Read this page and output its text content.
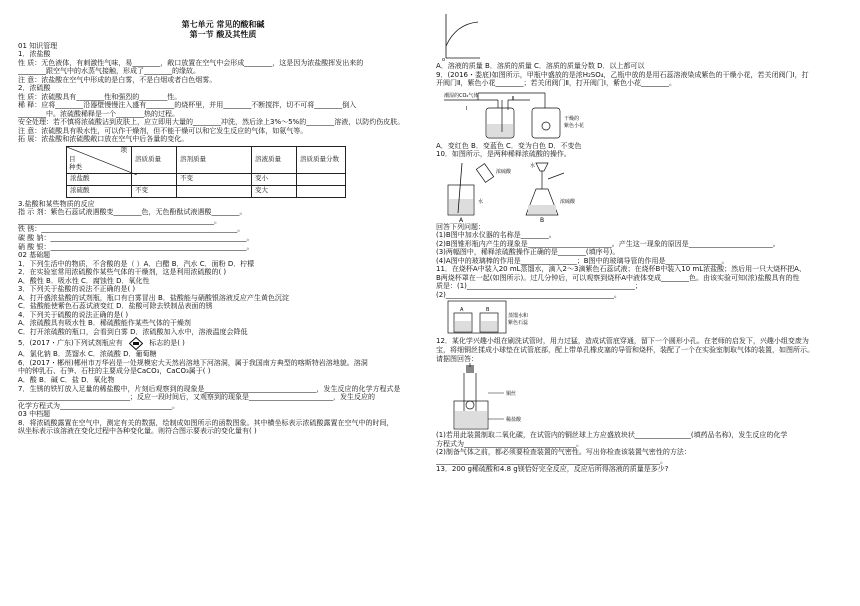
第七单元 常见的酸和碱
第一节 酸及其性质
01 知识管理
1．浓盐酸
性 质：无色液体，有刺激性气味，易________，敞口放置在空气中会形成________，这是因为浓盐酸挥发出来的
________跟空气中的水蒸气接触，形成了________的缘故。
注 意：浓盐酸在空气中形成的是白雾，不是白烟或者白色烟雾。
2．浓硫酸
性 质：浓硫酸具有________性和强烈的________性。
稀 释：应将________沿器壁慢慢注入盛有________的烧杯里，并用________不断搅拌，切不可将________倒入
________中。浓硫酸稀释是一个________热的过程。
安全处理：若不慎将浓硫酸沾到皮肤上，应立即用大量的________冲洗，然后涂上3%～5%的________溶液，以防灼伤皮肤。
注 意：浓硫酸具有吸水性，可以作干燥剂，但不能干燥可以和它发生反应的气体，如氨气等。
拓 展：浓盐酸和浓硫酸敞口放在空气中后各量的变化。
项
目
种类	溶质质量	溶剂质量	溶液质量	溶质质量分数
浓盐酸		不变	变小	
浓硫酸	不变		变大	
3.盐酸和某些物质的反应
指 示 剂：紫色石蕊试液遇酸变________色，无色酚酞试液遇酸________。
________________________________________________________。
铁 锈：________________________________________________________。
碳 酸 钠：________________________________________________________。
硝 酸 银：________________________________________________________。
02 基础题
1．下列生活中的物质，不含酸的是（ ）A．白醋 B．汽水 C．面粉 D．柠檬
2．在实验室常用浓硫酸作某些气体的干燥剂，这是利用浓硫酸的( )
A．酸性 B．吸水性 C．腐蚀性 D．氧化性
3．下列关于盐酸的说法不正确的是( )
A．打开盛浓盐酸的试剂瓶，瓶口有白雾冒出 B．盐酸能与硝酸银溶液反应产生黄色沉淀
C．盐酸能使紫色石蕊试液变红 D．盐酸可除去铁制品表面的锈
4．下列关于硫酸的说法正确的是( )
A．浓硫酸具有吸水性 B．稀硫酸能作某些气体的干燥剂
C．打开浓硫酸的瓶口，会看到白雾 D．浓硫酸加入水中，溶液温度会降低
5．(2017・广东)下列试剂瓶应有	标志的是( )
A．氯化钠 B．蒸馏水 C．浓硫酸 D．葡萄糖
6．(2017・郴州)郴州市万华岩是一处规模宏大天然岩溶地下河溶洞，属于我国南方典型的喀斯特岩溶地貌。溶洞
中的钟乳石、石笋、石柱的主要成分是CaCO₃，CaCO₃属于( )
A．酸 B．碱 C．盐 D．氧化物
7．生锈的铁钉放入足量的稀盐酸中，片刻后观察到的现象是________________________________，发生反应的化学方程式是
________________________________；反应一段时间后，又观察到的现象是________________________，发生反应的
化学方程式为________________________________。
03 中档题
8．将浓硫酸露置在空气中，测定有关的数据，绘制成如图所示的函数图象。其中横坐标表示浓硫酸露置在空气中的时间，
纵坐标表示该溶液在变化过程中各种变化量。则符合图示要表示的变化量有( )
o
A．溶液的质量 B．溶质的质量 C．溶质的质量分数 D．以上都可以
9．(2016・娄底)如图所示，甲瓶中盛放的是浓H₂SO₄，乙瓶中放的是用石蕊溶液染成紫色的干燥小花，若关闭阀门Ⅰ，打
开阀门Ⅱ，紫色小花________；若关闭阀门Ⅱ，打开阀门Ⅰ，紫色小花________。
潮湿的CO₂气体
Ⅰ
Ⅱ
干燥的
紫色小花
A．变红色 B．变蓝色 C．变为白色 D．不变色
10．如图所示，是两种稀释浓硫酸的操作。
浓硫酸
水
A
水
浓硫酸
B
回答下列问题：
(1)B图中加水仪器的名称是________。
(2)B图锥形瓶内产生的现象是________________________。产生这一现象的原因是________________________。
(3)两幅图中，稀释浓硫酸操作正确的是________(填序号)。
(4)A图中的玻璃棒的作用是________________；B图中的玻璃导管的作用是________________。
11．在烧杯A中装入20 mL蒸馏水，滴入2～3滴紫色石蕊试液；在烧杯B中装入10 mL浓盐酸；然后用一只大烧杯把A、
B两烧杯罩在一起(如图所示)。过几分钟后，可以观察到烧杯A中液体变成________色。由该实验可知(浓)盐酸具有的性
质是：(1)________________________________________________；
(2)________________________________________________。
A	B
蒸馏水和
紫色石蕊
12．某化学兴趣小组在刷洗试管时，用力过猛，造成试管底穿通，留下一个圆形小孔。在老师的启发下，兴趣小组变废为
宝，将细铜丝揉成小球垫在试管底部，配上带单孔橡皮塞的导管和烧杯，装配了一个在实验室制取气体的装置，如图所示。
请据图回答：
铜丝
稀盐酸
(1)若用此装置制取二氧化碳，在试管内的铜丝球上方应盛放块状________________(填药品名称)，发生反应的化学
方程式为________________________________。
(2)制备气体之前，都必须要检查装置的气密性。写出你检查该装置气密性的方法：
________________________________________________________________。
13．200 g稀硫酸和4.8 g镁恰好完全反应，反应后所得溶液的质量是多少?
